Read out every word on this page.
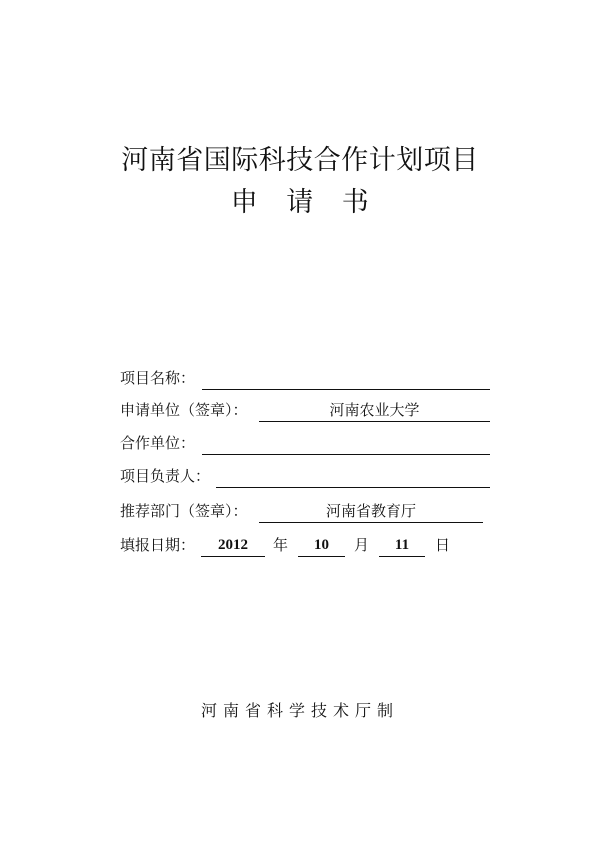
河南省国际科技合作计划项目
申 请 书
项目名称：
申请单位（签章）：	河南农业大学
合作单位：
项目负责人：
推荐部门（签章）：	河南省教育厅
填报日期：	2012	年	10	月	11	日
河南省科学技术厅制
